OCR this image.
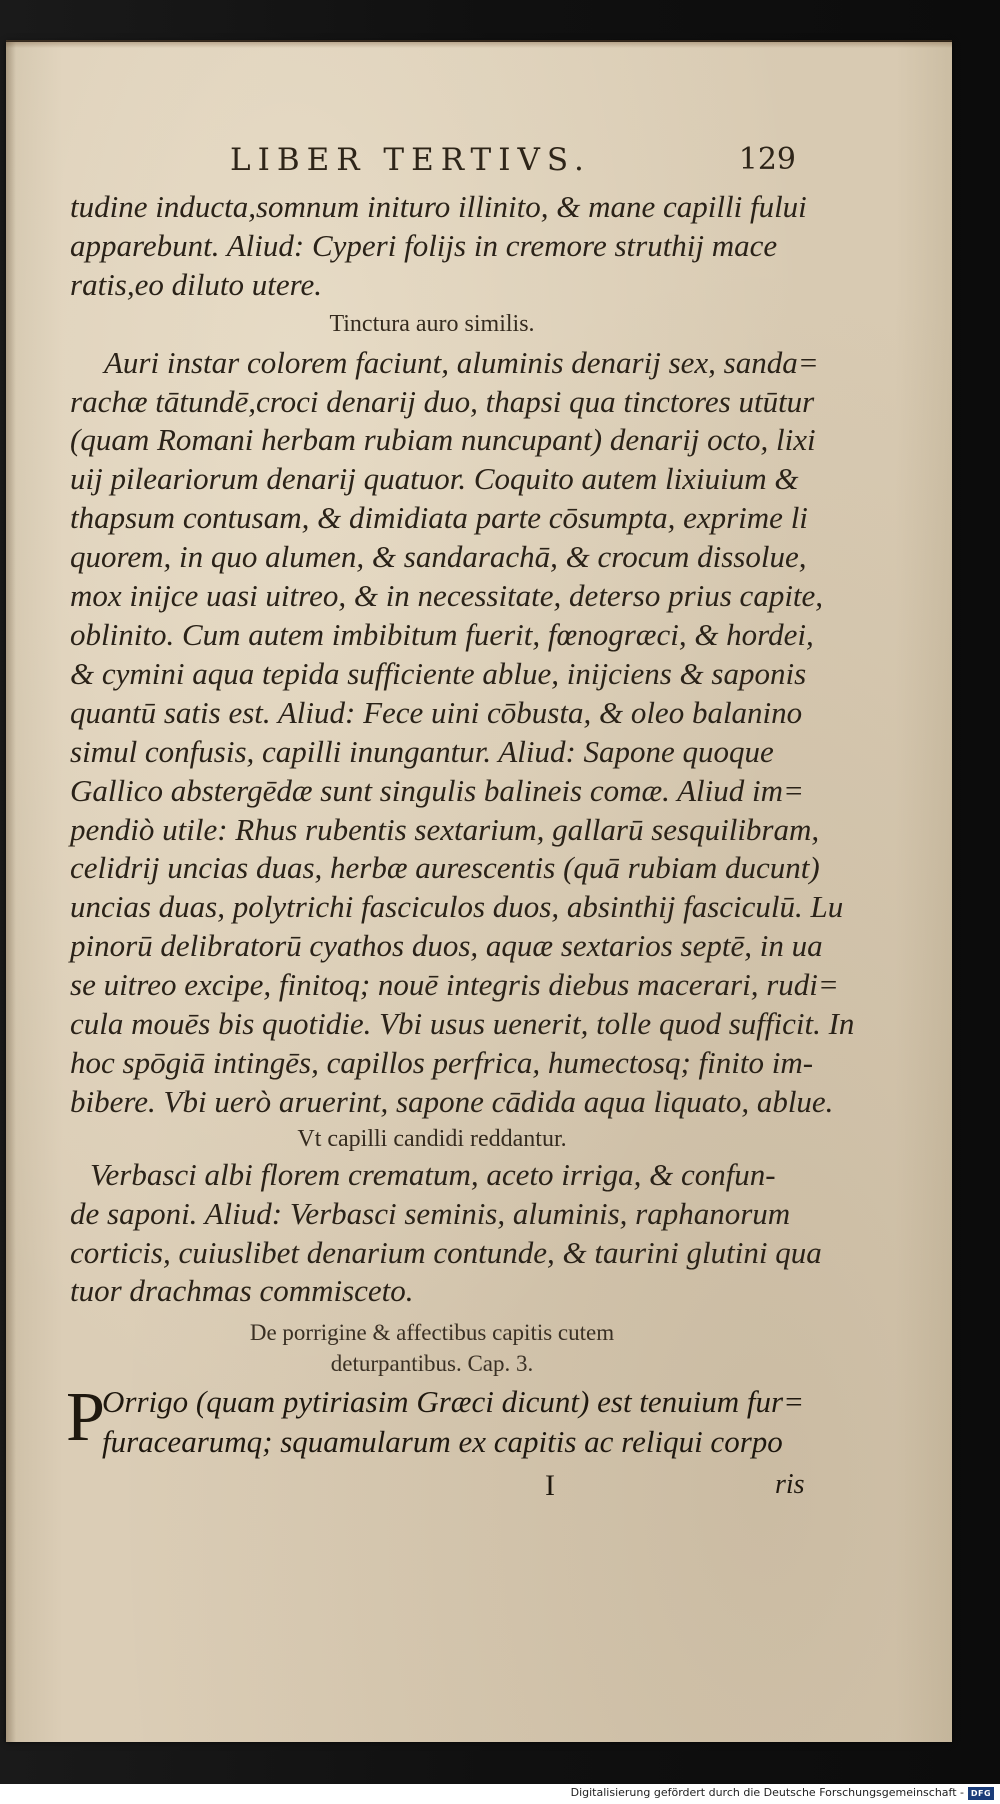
LIBER TERTIVS.	129
tudine inducta,somnum inituro illinito, & mane capilli fului
apparebunt. Aliud: Cyperi folijs in cremore struthij mace
ratis,eo diluto utere.
Tinctura auro similis.
Auri instar colorem faciunt, aluminis denarij sex, sanda=
rachæ tātundē,croci denarij duo, thapsi qua tinctores utūtur
(quam Romani herbam rubiam nuncupant) denarij octo, lixi
uij pileariorum denarij quatuor. Coquito autem lixiuium &
thapsum contusam, & dimidiata parte cōsumpta, exprime li
quorem, in quo alumen, & sandarachā, & crocum dissolue,
mox inijce uasi uitreo, & in necessitate, deterso prius capite,
oblinito. Cum autem imbibitum fuerit, fœnogræci, & hordei,
& cymini aqua tepida sufficiente ablue, inijciens & saponis
quantū satis est. Aliud: Fece uini cōbusta, & oleo balanino
simul confusis, capilli inungantur. Aliud: Sapone quoque
Gallico abstergēdæ sunt singulis balineis comæ. Aliud im=
pendiò utile: Rhus rubentis sextarium, gallarū sesquilibram,
celidrij uncias duas, herbæ aurescentis (quā rubiam ducunt)
uncias duas, polytrichi fasciculos duos, absinthij fasciculū. Lu
pinorū delibratorū cyathos duos, aquæ sextarios septē, in ua
se uitreo excipe, finitoq; nouē integris diebus macerari, rudi=
cula mouēs bis quotidie. Vbi usus uenerit, tolle quod sufficit. In
hoc spōgiā intingēs, capillos perfrica, humectosq; finito im-
bibere. Vbi uerò aruerint, sapone cādida aqua liquato, ablue.
Vt capilli candidi reddantur.
Verbasci albi florem crematum, aceto irriga, & confun-
de saponi. Aliud: Verbasci seminis, aluminis, raphanorum
corticis, cuiuslibet denarium contunde, & taurini glutini qua
tuor drachmas commisceto.
De porrigine & affectibus capitis cutem
deturpantibus. Cap. 3.
P
Orrigo (quam pytiriasim Græci dicunt) est tenuium fur=
furacearumq; squamularum ex capitis ac reliqui corpo
I	ris
Digitalisierung gefördert durch die Deutsche Forschungsgemeinschaft - DFG
